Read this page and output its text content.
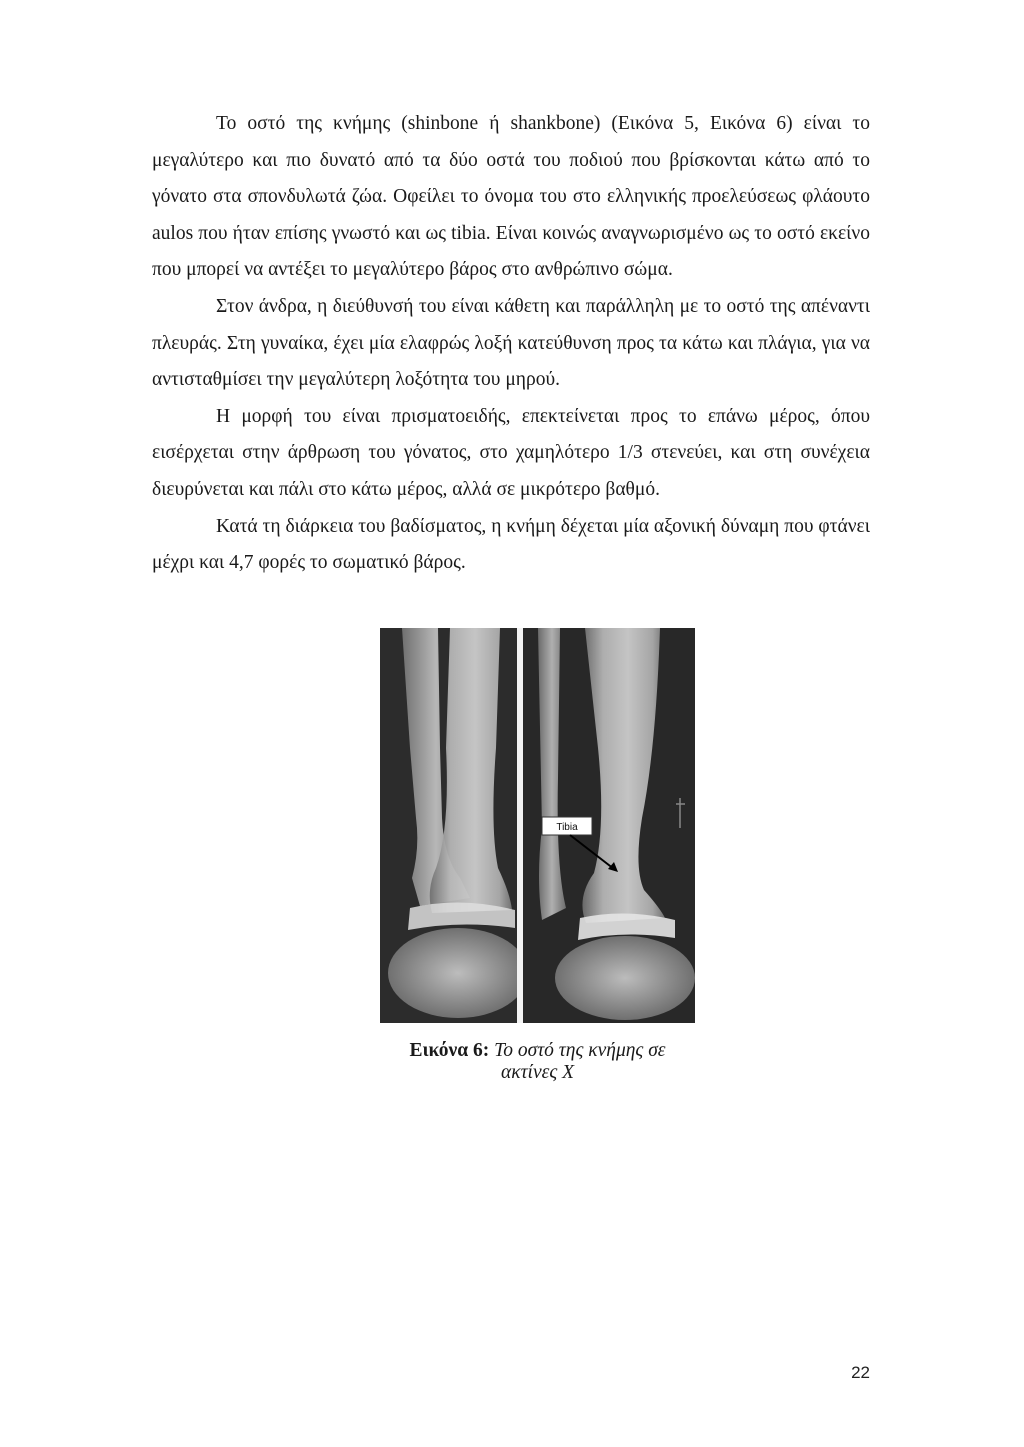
Το οστό της κνήμης (shinbone ή shankbone) (Εικόνα 5, Εικόνα 6) είναι το μεγαλύτερο και πιο δυνατό από τα δύο οστά του ποδιού που βρίσκονται κάτω από το γόνατο στα σπονδυλωτά ζώα. Οφείλει το όνομα του στο ελληνικής προελεύσεως φλάουτο aulos που ήταν επίσης γνωστό και ως tibia. Είναι κοινώς αναγνωρισμένο ως το οστό εκείνο που μπορεί να αντέξει το μεγαλύτερο βάρος στο ανθρώπινο σώμα.

Στον άνδρα, η διεύθυνσή του είναι κάθετη και παράλληλη με το οστό της απέναντι πλευράς. Στη γυναίκα, έχει μία ελαφρώς λοξή κατεύθυνση προς τα κάτω και πλάγια, για να αντισταθμίσει την μεγαλύτερη λοξότητα του μηρού.

Η μορφή του είναι πρισματοειδής, επεκτείνεται προς το επάνω μέρος, όπου εισέρχεται στην άρθρωση του γόνατος, στο χαμηλότερο 1/3 στενεύει, και στη συνέχεια διευρύνεται και πάλι στο κάτω μέρος, αλλά σε μικρότερο βαθμό.

Κατά τη διάρκεια του βαδίσματος, η κνήμη δέχεται μία αξονική δύναμη που φτάνει μέχρι και 4,7 φορές το σωματικό βάρος.

Tibia
Εικόνα 6: Το οστό της κνήμης σε ακτίνες Χ
22
